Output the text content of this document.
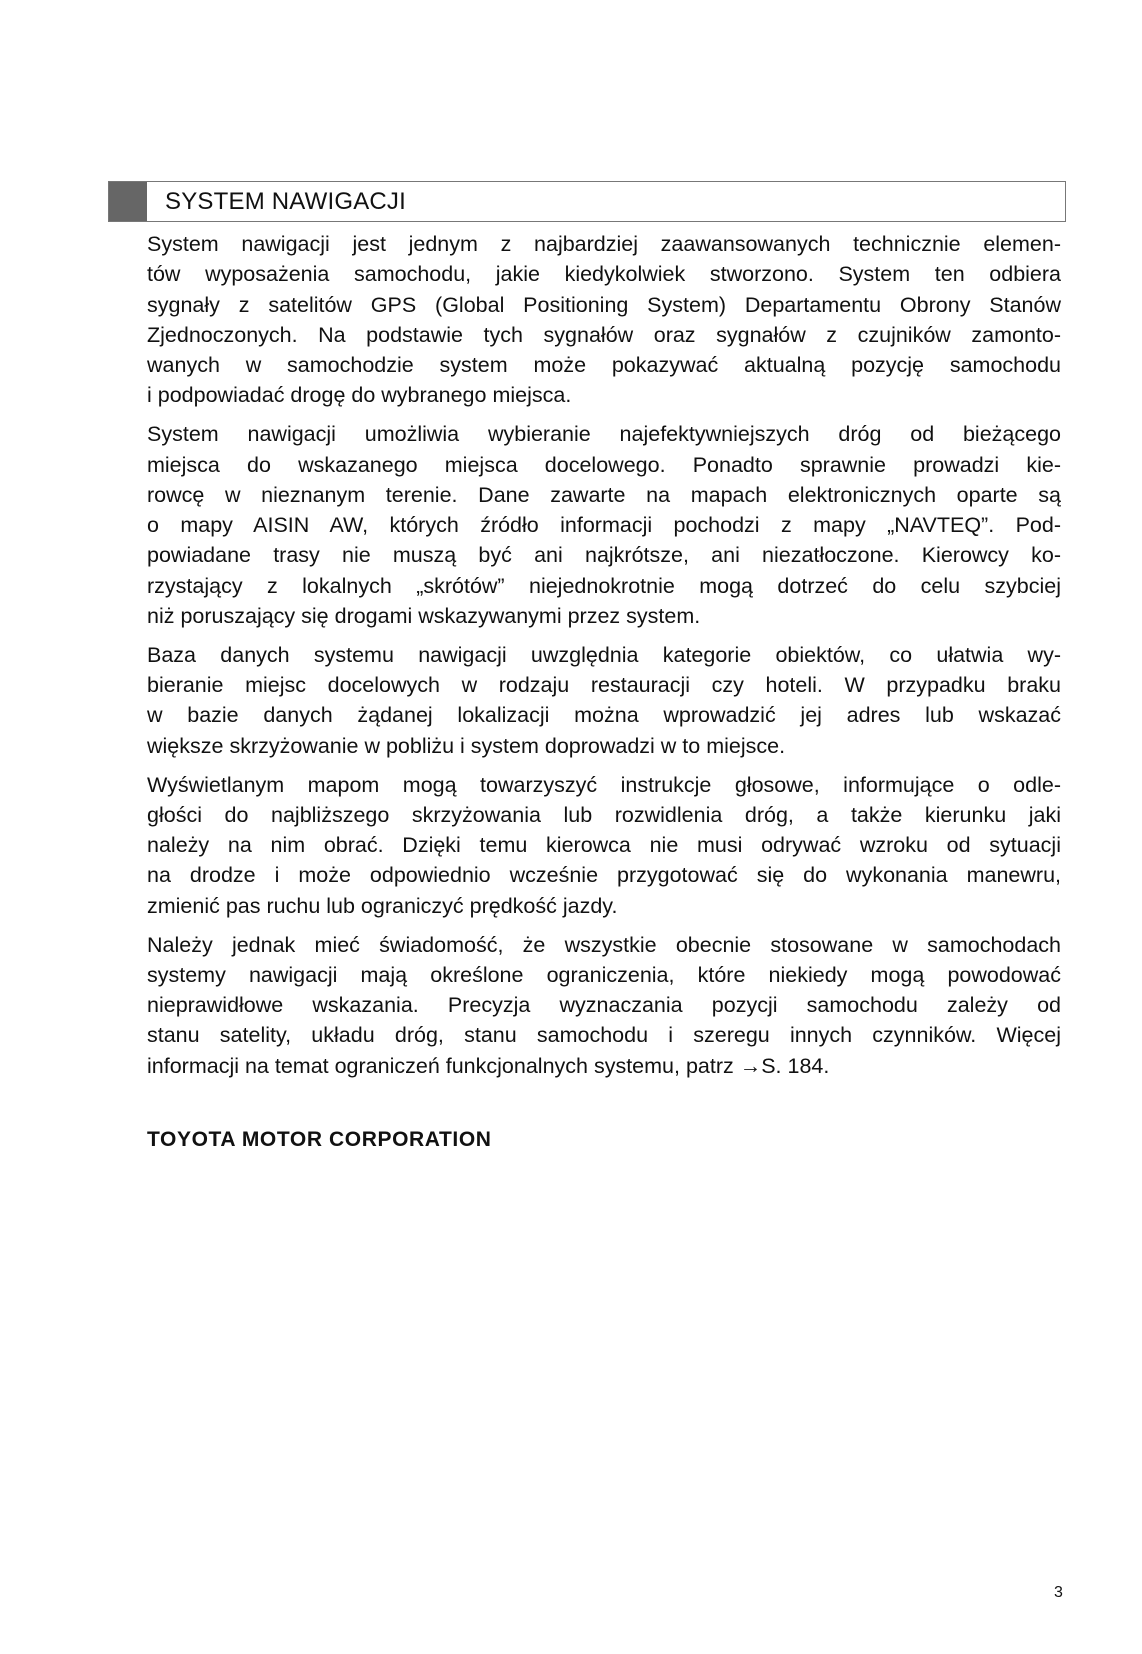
SYSTEM NAWIGACJI
System nawigacji jest jednym z najbardziej zaawansowanych technicznie elemen-
tów wyposażenia samochodu, jakie kiedykolwiek stworzono. System ten odbiera
sygnały z satelitów GPS (Global Positioning System) Departamentu Obrony Stanów
Zjednoczonych. Na podstawie tych sygnałów oraz sygnałów z czujników zamonto-
wanych w samochodzie system może pokazywać aktualną pozycję samochodu
i podpowiadać drogę do wybranego miejsca.
System nawigacji umożliwia wybieranie najefektywniejszych dróg od bieżącego
miejsca do wskazanego miejsca docelowego. Ponadto sprawnie prowadzi kie-
rowcę w nieznanym terenie. Dane zawarte na mapach elektronicznych oparte są
o mapy AISIN AW, których źródło informacji pochodzi z mapy „NAVTEQ”. Pod-
powiadane trasy nie muszą być ani najkrótsze, ani niezatłoczone. Kierowcy ko-
rzystający z lokalnych „skrótów” niejednokrotnie mogą dotrzeć do celu szybciej
niż poruszający się drogami wskazywanymi przez system.
Baza danych systemu nawigacji uwzględnia kategorie obiektów, co ułatwia wy-
bieranie miejsc docelowych w rodzaju restauracji czy hoteli. W przypadku braku
w bazie danych żądanej lokalizacji można wprowadzić jej adres lub wskazać
większe skrzyżowanie w pobliżu i system doprowadzi w to miejsce.
Wyświetlanym mapom mogą towarzyszyć instrukcje głosowe, informujące o odle-
głości do najbliższego skrzyżowania lub rozwidlenia dróg, a także kierunku jaki
należy na nim obrać. Dzięki temu kierowca nie musi odrywać wzroku od sytuacji
na drodze i może odpowiednio wcześnie przygotować się do wykonania manewru,
zmienić pas ruchu lub ograniczyć prędkość jazdy.
Należy jednak mieć świadomość, że wszystkie obecnie stosowane w samochodach
systemy nawigacji mają określone ograniczenia, które niekiedy mogą powodować
nieprawidłowe wskazania. Precyzja wyznaczania pozycji samochodu zależy od
stanu satelity, układu dróg, stanu samochodu i szeregu innych czynników. Więcej
informacji na temat ograniczeń funkcjonalnych systemu, patrz →S. 184.
TOYOTA MOTOR CORPORATION
3
